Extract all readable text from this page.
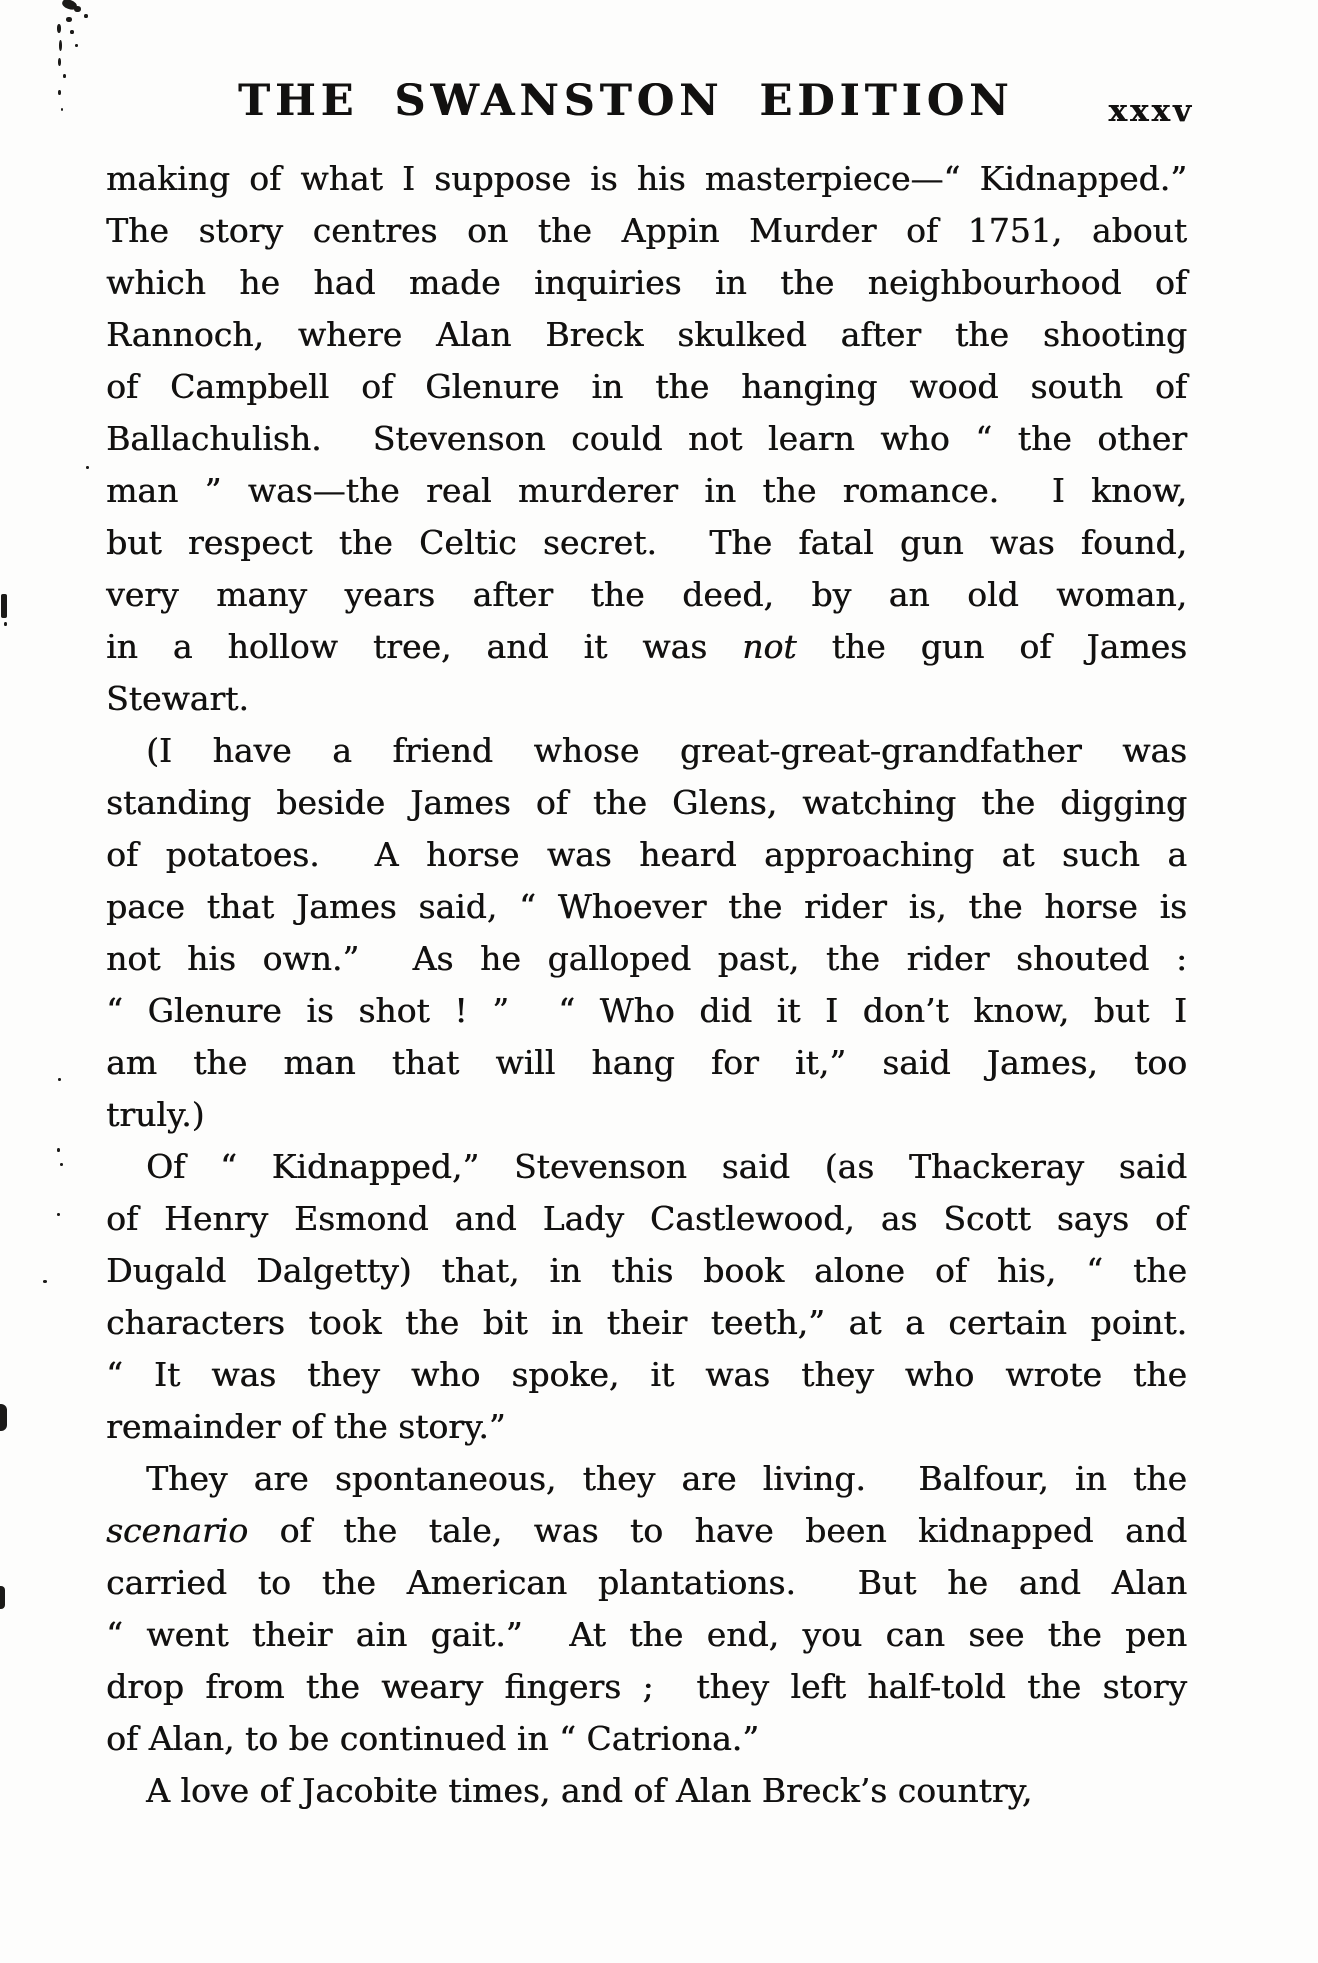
THE SWANSTON EDITION	xxxv
making of what I suppose is his masterpiece—“ Kidnapped.”
The story centres on the Appin Murder of 1751, about
which he had made inquiries in the neighbourhood of
Rannoch, where Alan Breck skulked after the shooting
of Campbell of Glenure in the hanging wood south of
Ballachulish.  Stevenson could not learn who “ the other
man ” was—the real murderer in the romance.  I know,
but respect the Celtic secret.  The fatal gun was found,
very many years after the deed, by an old woman,
in a hollow tree, and it was not the gun of James
Stewart.
(I have a friend whose great-great-grandfather was
standing beside James of the Glens, watching the digging
of potatoes.  A horse was heard approaching at such a
pace that James said, “ Whoever the rider is, the horse is
not his own.”  As he galloped past, the rider shouted :
“ Glenure is shot ! ”  “ Who did it I don’t know, but I
am the man that will hang for it,” said James, too
truly.)
Of “ Kidnapped,” Stevenson said (as Thackeray said
of Henry Esmond and Lady Castlewood, as Scott says of
Dugald Dalgetty) that, in this book alone of his, “ the
characters took the bit in their teeth,” at a certain point.
“ It was they who spoke, it was they who wrote the
remainder of the story.”
They are spontaneous, they are living.  Balfour, in the
scenario of the tale, was to have been kidnapped and
carried to the American plantations.  But he and Alan
“ went their ain gait.”  At the end, you can see the pen
drop from the weary fingers ;  they left half-told the story
of Alan, to be continued in “ Catriona.”
A love of Jacobite times, and of Alan Breck’s country,
